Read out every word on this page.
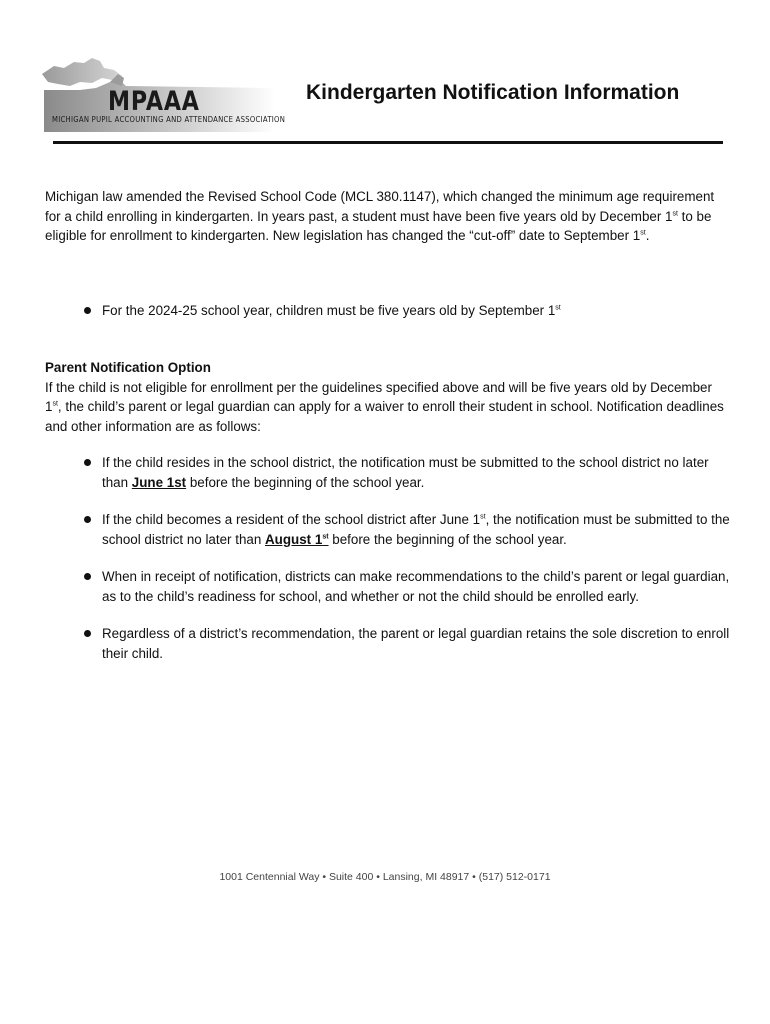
MPAAA
MICHIGAN PUPIL ACCOUNTING AND ATTENDANCE ASSOCIATION
Kindergarten Notification Information
Michigan law amended the Revised School Code (MCL 380.1147), which changed the minimum age requirement for a child enrolling in kindergarten. In years past, a student must have been five years old by December 1st to be eligible for enrollment to kindergarten. New legislation has changed the “cut-off” date to September 1st.
For the 2024-25 school year, children must be five years old by September 1st
Parent Notification Option
If the child is not eligible for enrollment per the guidelines specified above and will be five years old by December 1st, the child’s parent or legal guardian can apply for a waiver to enroll their student in school. Notification deadlines and other information are as follows:
If the child resides in the school district, the notification must be submitted to the school district no later than June 1st before the beginning of the school year.
If the child becomes a resident of the school district after June 1st, the notification must be submitted to the school district no later than August 1st before the beginning of the school year.
When in receipt of notification, districts can make recommendations to the child’s parent or legal guardian, as to the child’s readiness for school, and whether or not the child should be enrolled early.
Regardless of a district’s recommendation, the parent or legal guardian retains the sole discretion to enroll their child.
1001 Centennial Way • Suite 400 • Lansing, MI 48917 • (517) 512-0171
